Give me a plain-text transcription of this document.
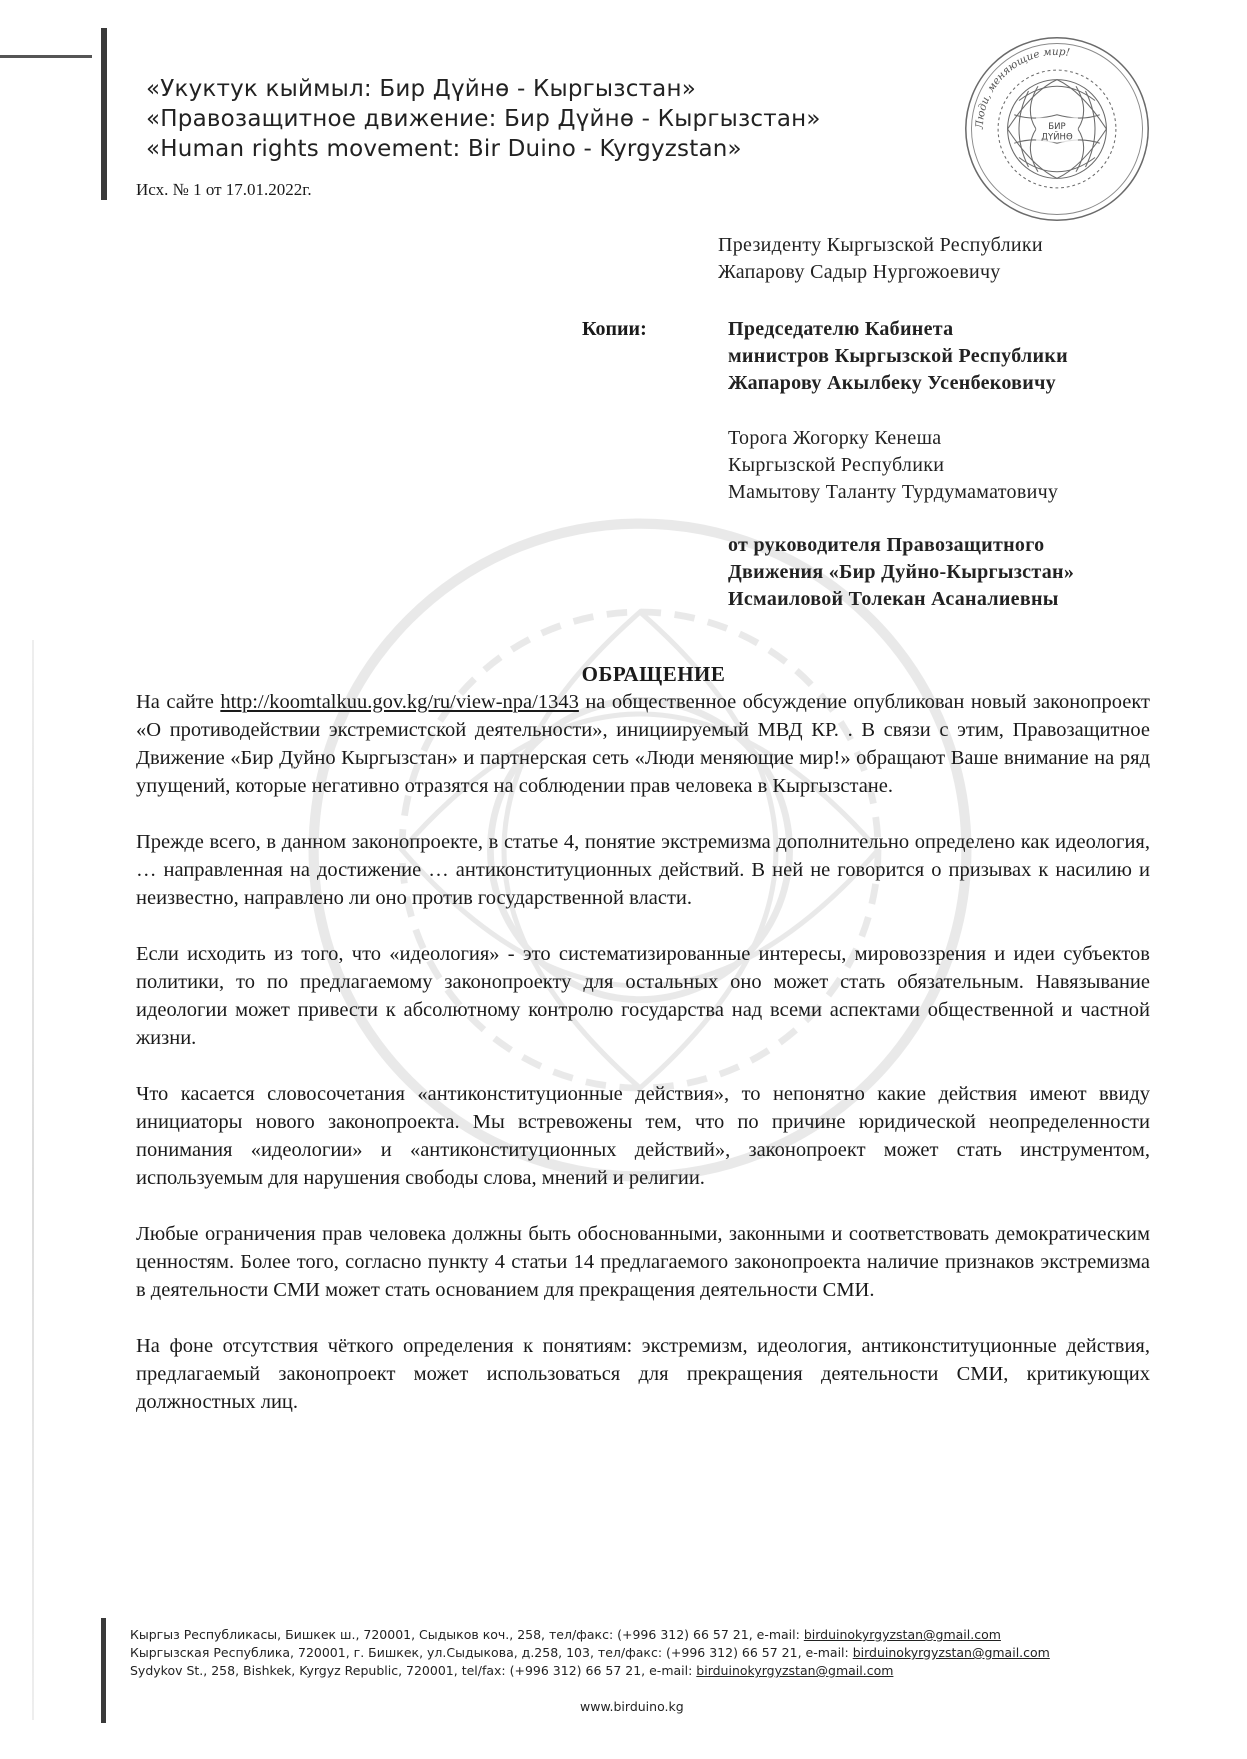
«Укуктук кыймыл: Бир Дүйнө - Кыргызстан»
«Правозащитное движение: Бир Дүйнө - Кыргызстан»
«Human rights movement: Bir Duino - Kyrgyzstan»
Исх. № 1 от 17.01.2022г.
Люди, меняющие мир!
БИР
ДҮЙНӨ
Президенту Кыргызской Республики
Жапарову Садыр Нургожоевичу
Копии:	Председателю Кабинета
министров Кыргызской Республики
Жапарову Акылбеку Усенбековичу
Торога Жогорку Кенеша
Кыргызской Республики
Мамытову Таланту Турдумаматовичу
от руководителя Правозащитного
Движения «Бир Дуйно-Кыргызстан»
Исмаиловой Толекан Асаналиевны
ОБРАЩЕНИЕ

На сайте http://koomtalkuu.gov.kg/ru/view-npa/1343 на общественное обсуждение опубликован новый законопроект «О противодействии экстремистской деятельности», инициируемый МВД КР. . В связи с этим, Правозащитное Движение «Бир Дуйно Кыргызстан» и партнерская сеть «Люди меняющие мир!» обращают Ваше внимание на ряд упущений, которые негативно отразятся на соблюдении прав человека в Кыргызстане.

Прежде всего, в данном законопроекте, в статье 4, понятие экстремизма дополнительно определено как идеология, … направленная на достижение … антиконституционных действий. В ней не говорится о призывах к насилию и неизвестно, направлено ли оно против государственной власти.

Если исходить из того, что «идеология» - это систематизированные интересы, мировоззрения и идеи субъектов политики, то по предлагаемому законопроекту для остальных оно может стать обязательным. Навязывание идеологии может привести к абсолютному контролю государства над всеми аспектами общественной и частной жизни.

Что касается словосочетания «антиконституционные действия», то непонятно какие действия имеют ввиду инициаторы нового законопроекта. Мы встревожены тем, что по причине юридической неопределенности понимания «идеологии» и «антиконституционных действий», законопроект может стать инструментом, используемым для нарушения свободы слова, мнений и религии.

Любые ограничения прав человека должны быть обоснованными, законными и соответствовать демократическим ценностям. Более того, согласно пункту 4 статьи 14 предлагаемого законопроекта наличие признаков экстремизма в деятельности СМИ может стать основанием для прекращения деятельности СМИ.

На фоне отсутствия чёткого определения к понятиям: экстремизм, идеология, антиконституционные действия, предлагаемый законопроект может использоваться для прекращения деятельности СМИ, критикующих должностных лиц.

Кыргыз Республикасы, Бишкек ш., 720001, Сыдыков коч., 258, тел/факс: (+996 312) 66 57 21, e-mail: birduinokyrgyzstan@gmail.com
Кыргызская Республика, 720001, г. Бишкек, ул.Сыдыкова, д.258, 103, тел/факс: (+996 312) 66 57 21, e-mail: birduinokyrgyzstan@gmail.com
Sydykov St., 258, Bishkek, Kyrgyz Republic, 720001, tel/fax: (+996 312) 66 57 21, e-mail: birduinokyrgyzstan@gmail.com
www.birduino.kg
